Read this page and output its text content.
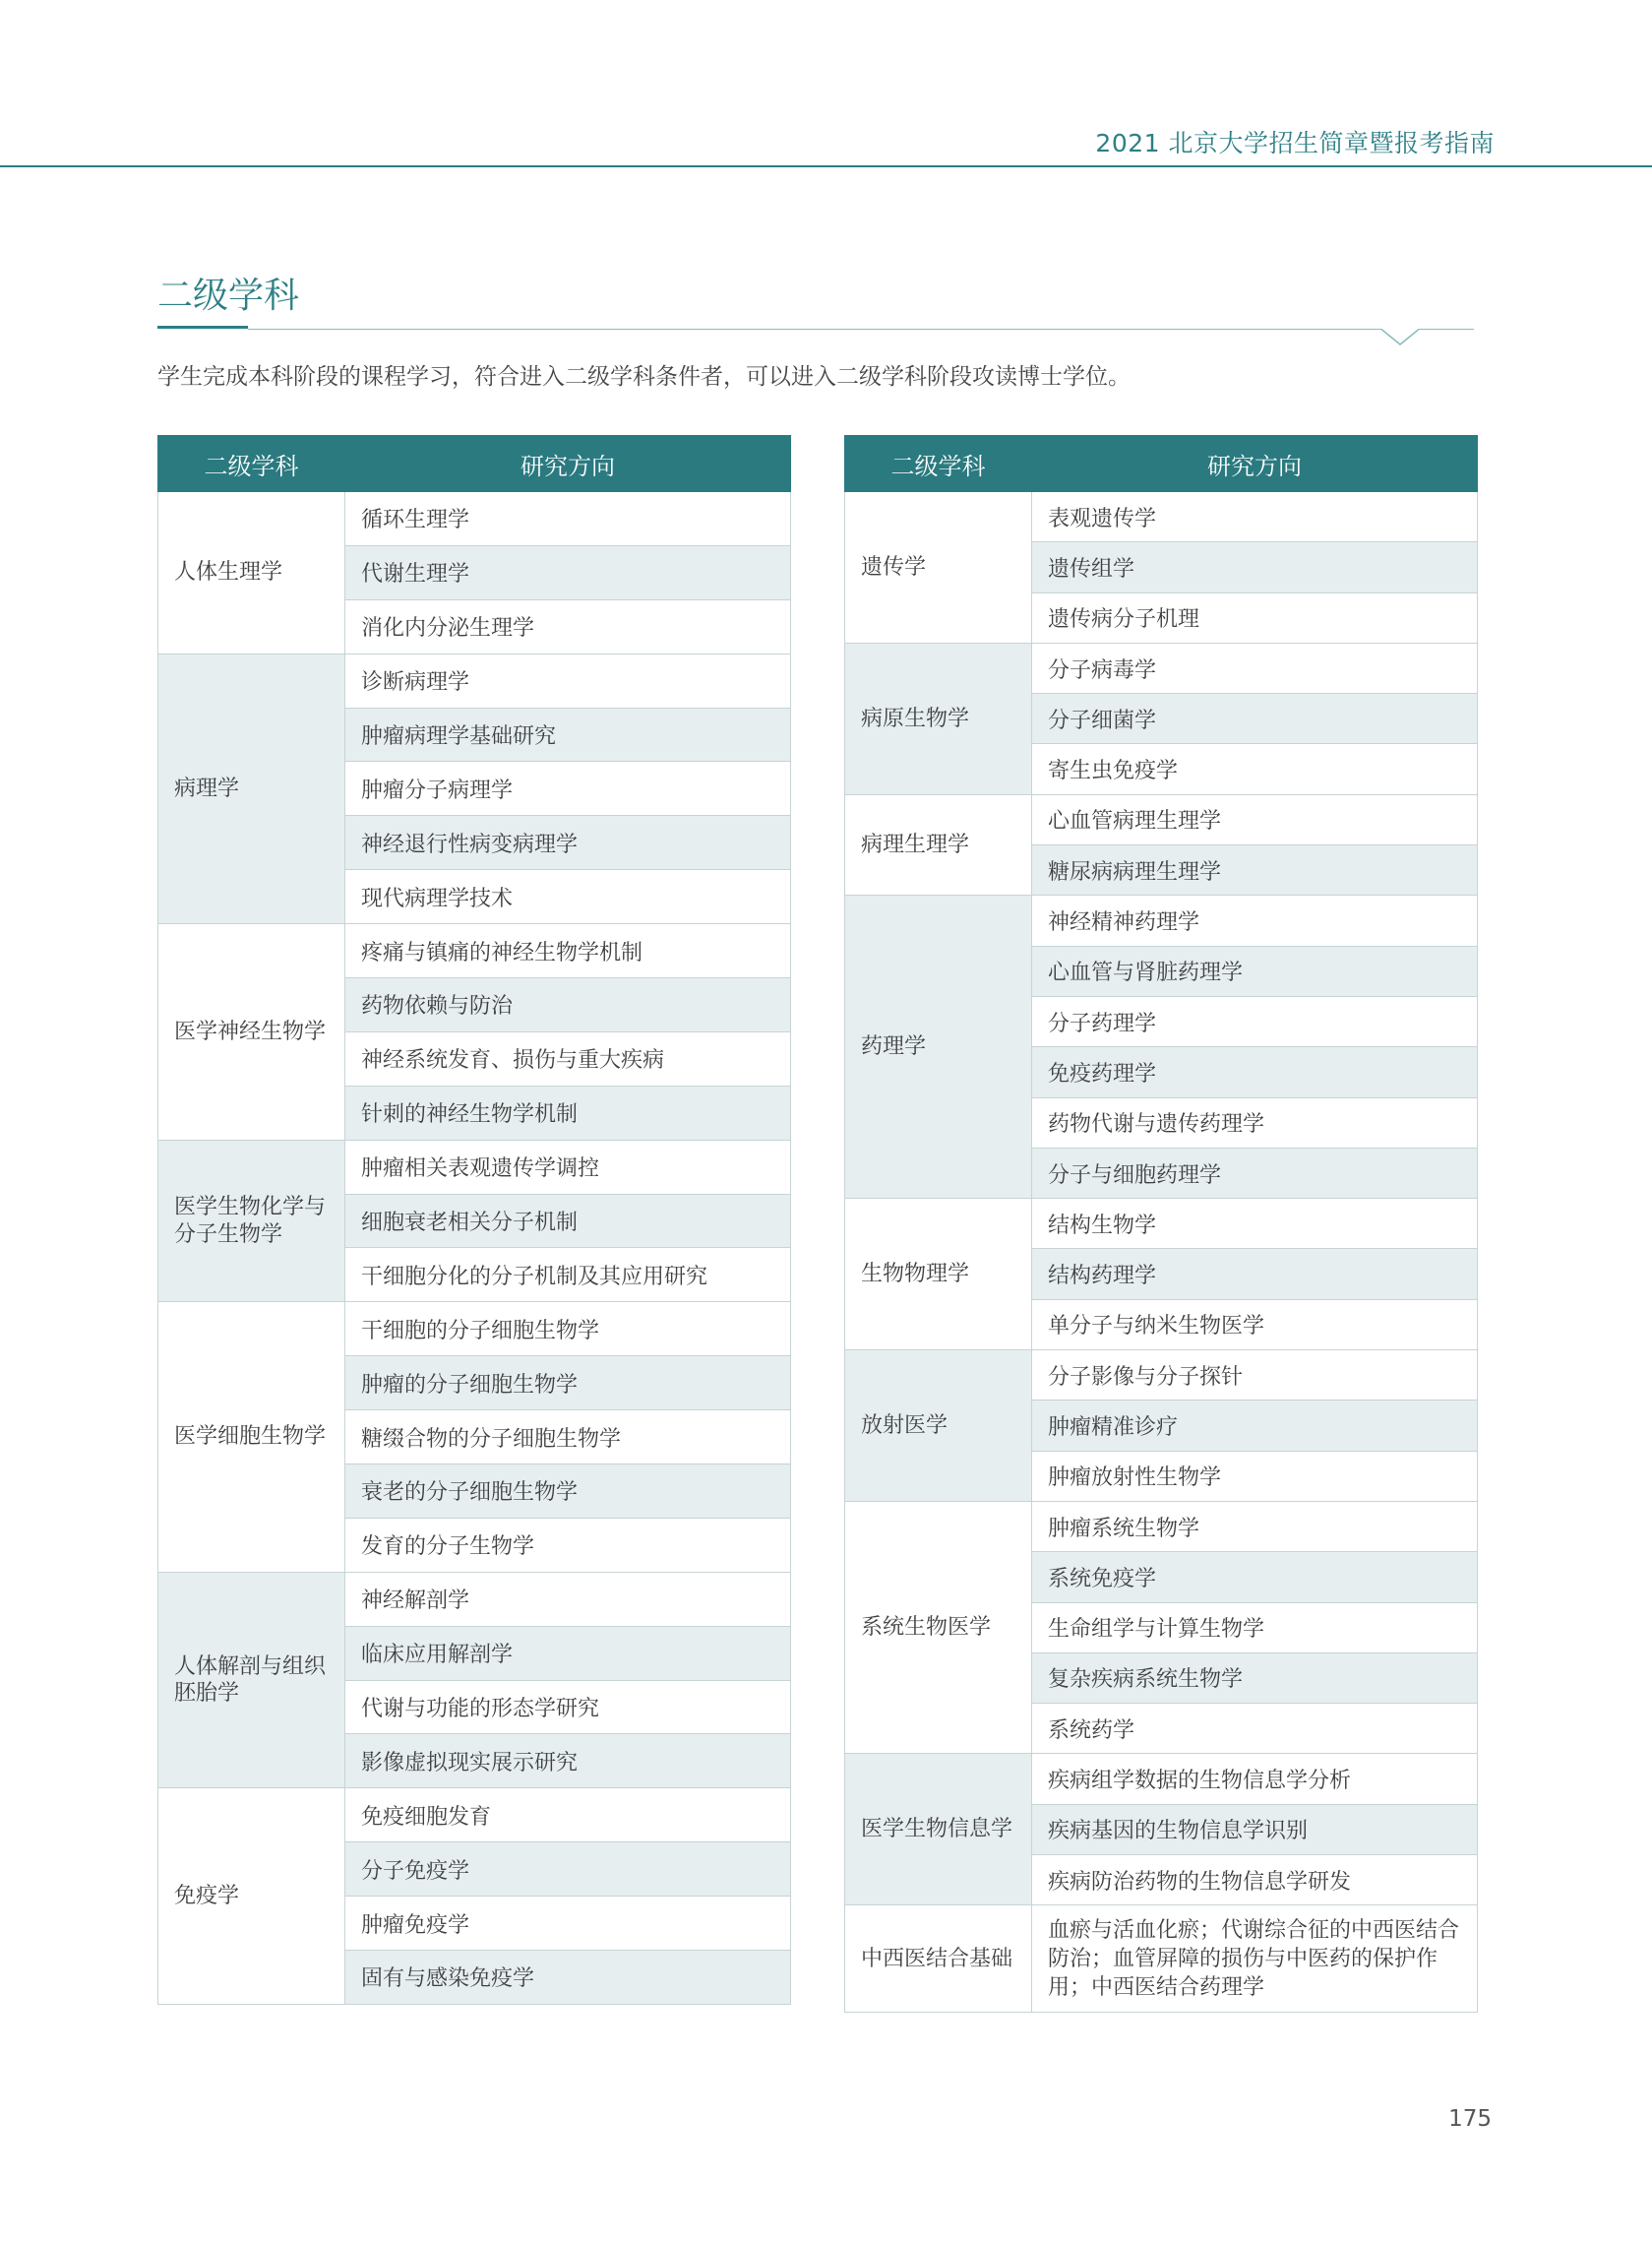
2021 北京大学招生简章暨报考指南
二级学科
学生完成本科阶段的课程学习，符合进入二级学科条件者，可以进入二级学科阶段攻读博士学位。
二级学科	研究方向
人体生理学	循环生理学
	代谢生理学
	消化内分泌生理学
病理学	诊断病理学
	肿瘤病理学基础研究
	肿瘤分子病理学
	神经退行性病变病理学
	现代病理学技术
医学神经生物学	疼痛与镇痛的神经生物学机制
	药物依赖与防治
	神经系统发育、损伤与重大疾病
	针刺的神经生物学机制
医学生物化学与分子生物学	肿瘤相关表观遗传学调控
	细胞衰老相关分子机制
	干细胞分化的分子机制及其应用研究
医学细胞生物学	干细胞的分子细胞生物学
	肿瘤的分子细胞生物学
	糖缀合物的分子细胞生物学
	衰老的分子细胞生物学
	发育的分子生物学
人体解剖与组织胚胎学	神经解剖学
	临床应用解剖学
	代谢与功能的形态学研究
	影像虚拟现实展示研究
免疫学	免疫细胞发育
	分子免疫学
	肿瘤免疫学
	固有与感染免疫学
二级学科	研究方向
遗传学	表观遗传学
	遗传组学
	遗传病分子机理
病原生物学	分子病毒学
	分子细菌学
	寄生虫免疫学
病理生理学	心血管病理生理学
	糖尿病病理生理学
药理学	神经精神药理学
	心血管与肾脏药理学
	分子药理学
	免疫药理学
	药物代谢与遗传药理学
	分子与细胞药理学
生物物理学	结构生物学
	结构药理学
	单分子与纳米生物医学
放射医学	分子影像与分子探针
	肿瘤精准诊疗
	肿瘤放射性生物学
系统生物医学	肿瘤系统生物学
	系统免疫学
	生命组学与计算生物学
	复杂疾病系统生物学
	系统药学
医学生物信息学	疾病组学数据的生物信息学分析
	疾病基因的生物信息学识别
	疾病防治药物的生物信息学研发
中西医结合基础	血瘀与活血化瘀；代谢综合征的中西医结合防治；血管屏障的损伤与中医药的保护作用；中西医结合药理学
175
